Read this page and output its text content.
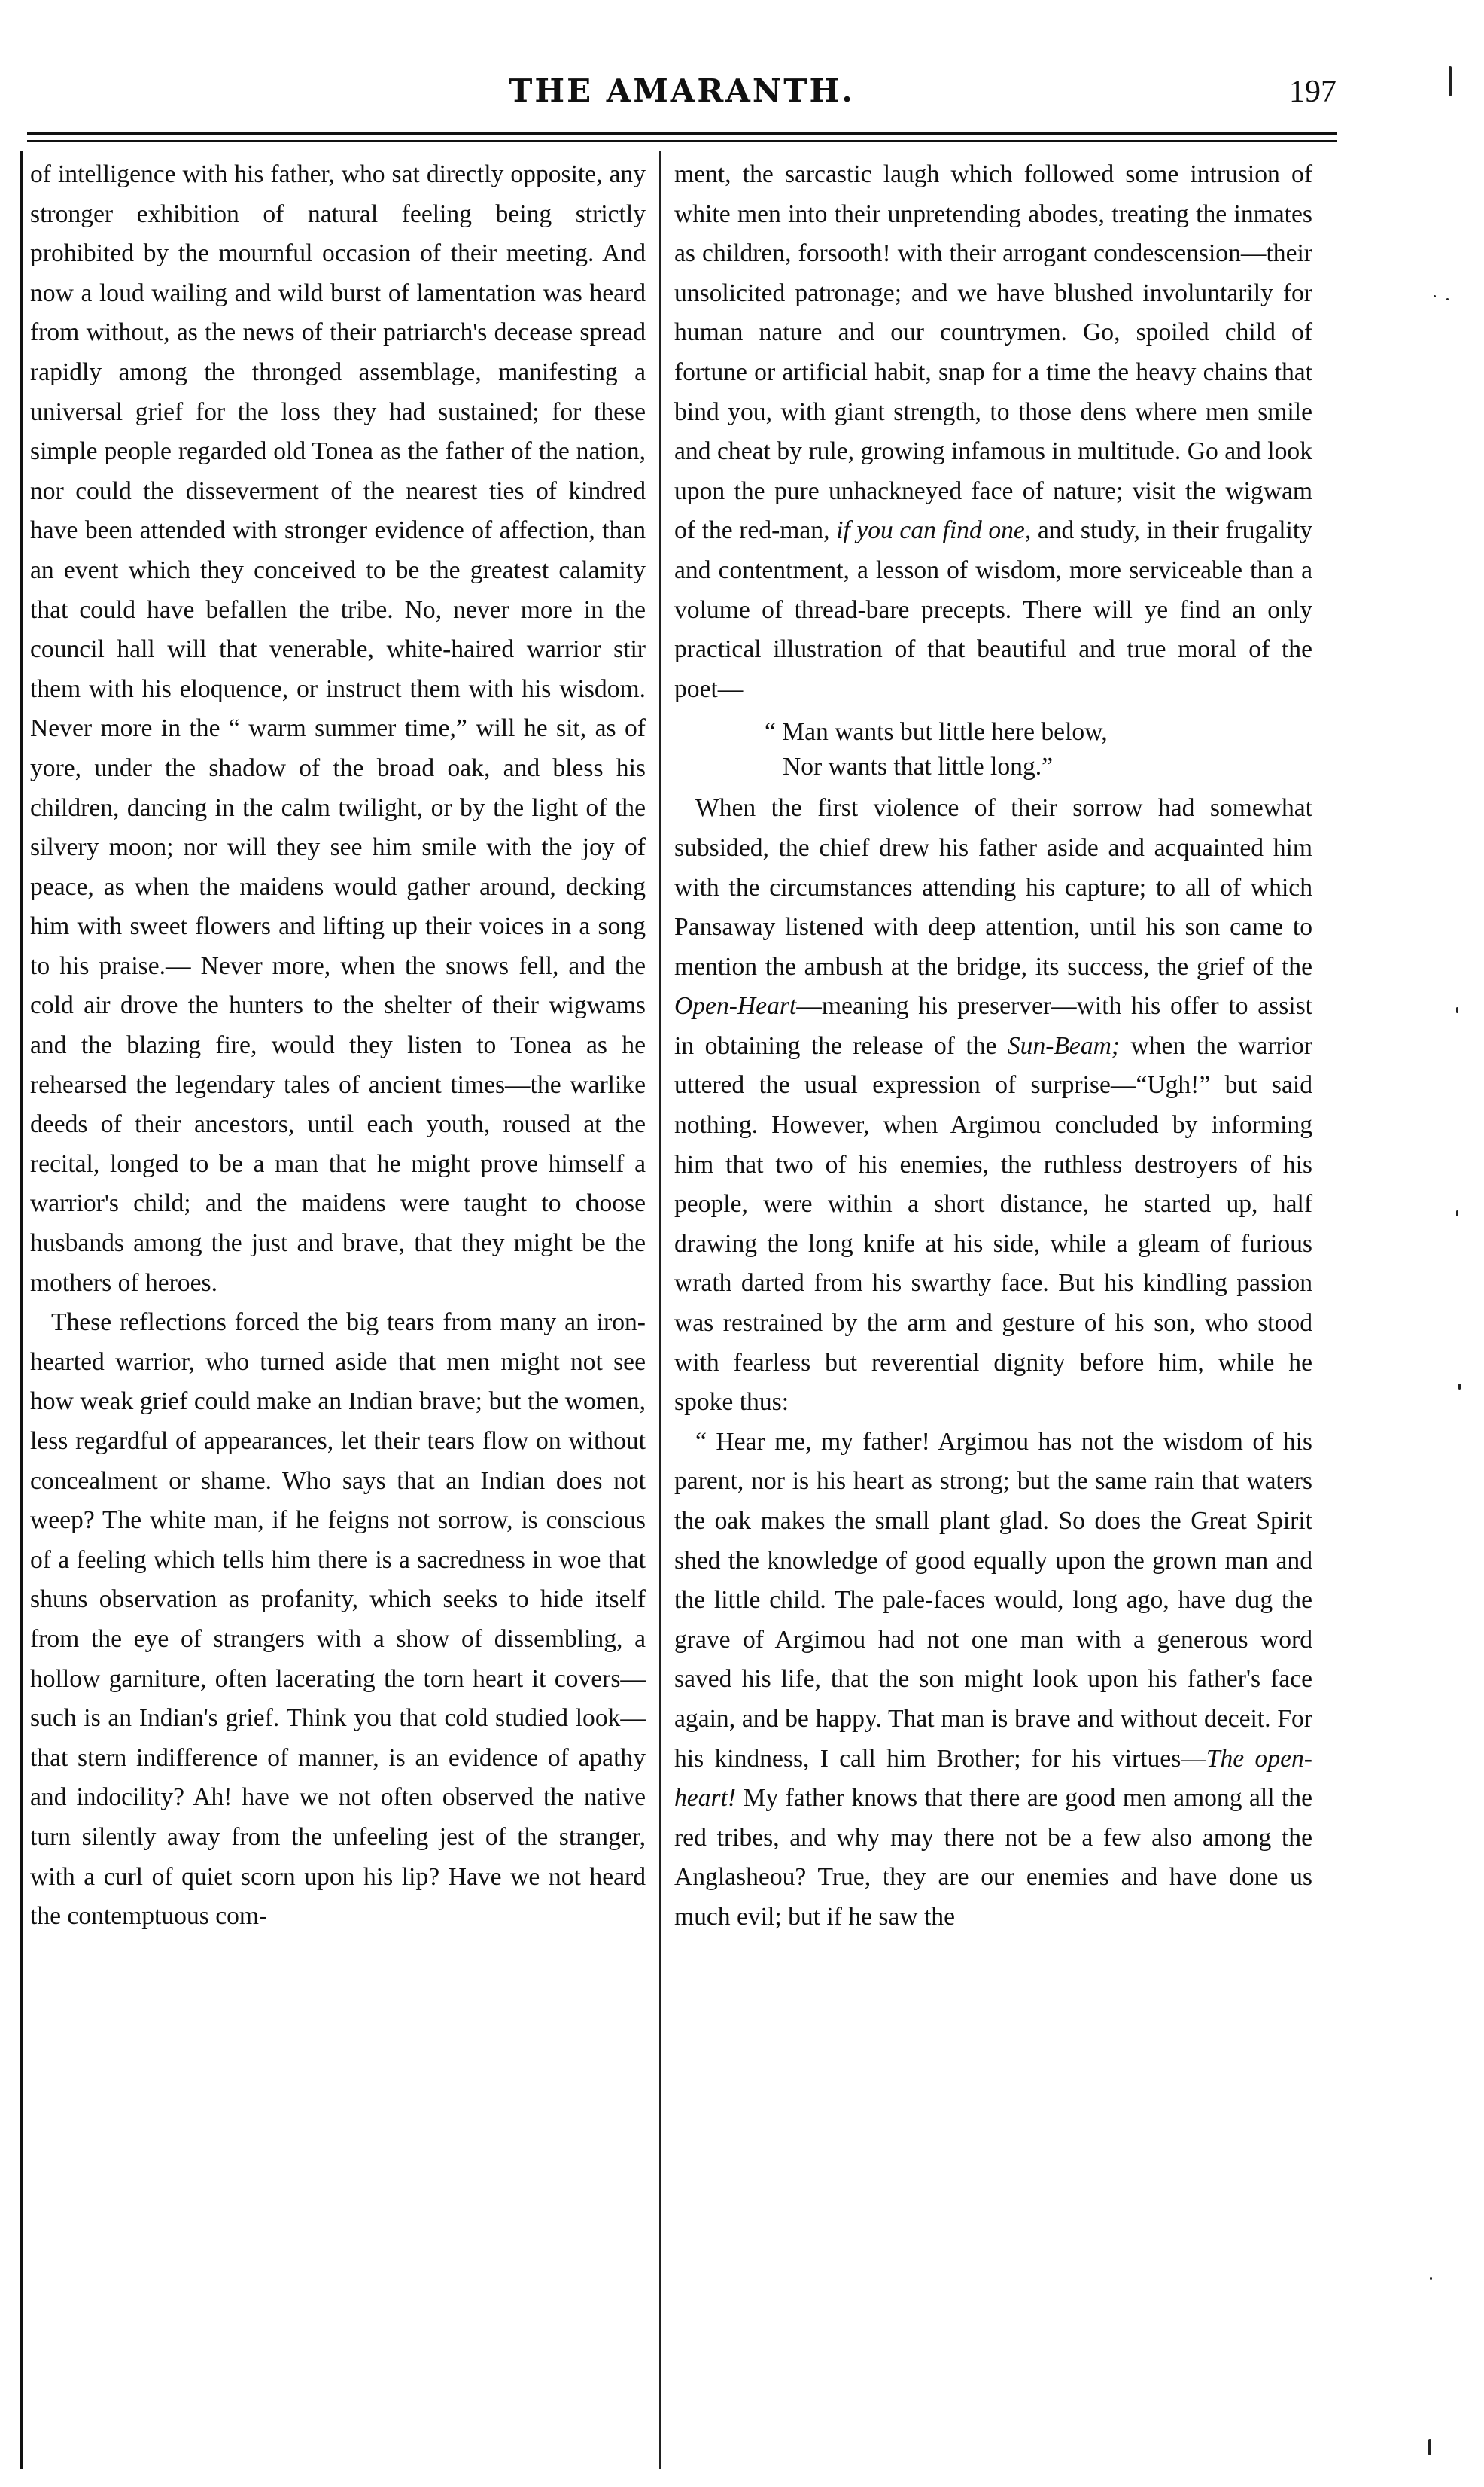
THE AMARANTH.	197

of intelligence with his father, who sat directly opposite, any stronger exhibition of natural feeling being strictly prohibited by the mournful occasion of their meeting. And now a loud wailing and wild burst of lamentation was heard from without, as the news of their patriarch's decease spread rapidly among the thronged assemblage, manifesting a universal grief for the loss they had sustained; for these simple people regarded old Tonea as the father of the nation, nor could the disseverment of the nearest ties of kindred have been attended with stronger evidence of affection, than an event which they conceived to be the greatest calamity that could have befallen the tribe. No, never more in the council hall will that venerable, white-haired warrior stir them with his eloquence, or instruct them with his wisdom. Never more in the “ warm summer time,” will he sit, as of yore, under the shadow of the broad oak, and bless his children, dancing in the calm twilight, or by the light of the silvery moon; nor will they see him smile with the joy of peace, as when the maidens would gather around, decking him with sweet flowers and lifting up their voices in a song to his praise.— Never more, when the snows fell, and the cold air drove the hunters to the shelter of their wigwams and the blazing fire, would they listen to Tonea as he rehearsed the legendary tales of ancient times—the warlike deeds of their ancestors, until each youth, roused at the recital, longed to be a man that he might prove himself a warrior's child; and the maidens were taught to choose husbands among the just and brave, that they might be the mothers of heroes.

These reflections forced the big tears from many an iron-hearted warrior, who turned aside that men might not see how weak grief could make an Indian brave; but the women, less regardful of appearances, let their tears flow on without concealment or shame. Who says that an Indian does not weep? The white man, if he feigns not sorrow, is conscious of a feeling which tells him there is a sacredness in woe that shuns observation as profanity, which seeks to hide itself from the eye of strangers with a show of dissembling, a hollow garniture, often lacerating the torn heart it covers—such is an Indian's grief. Think you that cold studied look—that stern indifference of manner, is an evidence of apathy and indocility? Ah! have we not often observed the native turn silently away from the unfeeling jest of the stranger, with a curl of quiet scorn upon his lip? Have we not heard the contemptuous com-

ment, the sarcastic laugh which followed some intrusion of white men into their unpretending abodes, treating the inmates as children, forsooth! with their arrogant condescension—their unsolicited patronage; and we have blushed involuntarily for human nature and our countrymen. Go, spoiled child of fortune or artificial habit, snap for a time the heavy chains that bind you, with giant strength, to those dens where men smile and cheat by rule, growing infamous in multitude. Go and look upon the pure unhackneyed face of nature; visit the wigwam of the red-man, if you can find one, and study, in their frugality and contentment, a lesson of wisdom, more serviceable than a volume of thread-bare precepts. There will ye find an only practical illustration of that beautiful and true moral of the poet—

“ Man wants but little here below,
Nor wants that little long.”

When the first violence of their sorrow had somewhat subsided, the chief drew his father aside and acquainted him with the circumstances attending his capture; to all of which Pansaway listened with deep attention, until his son came to mention the ambush at the bridge, its success, the grief of the Open-Heart—meaning his preserver—with his offer to assist in obtaining the release of the Sun-Beam; when the warrior uttered the usual expression of surprise—“Ugh!” but said nothing. However, when Argimou concluded by informing him that two of his enemies, the ruthless destroyers of his people, were within a short distance, he started up, half drawing the long knife at his side, while a gleam of furious wrath darted from his swarthy face. But his kindling passion was restrained by the arm and gesture of his son, who stood with fearless but reverential dignity before him, while he spoke thus:

“ Hear me, my father! Argimou has not the wisdom of his parent, nor is his heart as strong; but the same rain that waters the oak makes the small plant glad. So does the Great Spirit shed the knowledge of good equally upon the grown man and the little child. The pale-faces would, long ago, have dug the grave of Argimou had not one man with a generous word saved his life, that the son might look upon his father's face again, and be happy. That man is brave and without deceit. For his kindness, I call him Brother; for his virtues—The open-heart! My father knows that there are good men among all the red tribes, and why may there not be a few also among the Anglasheou? True, they are our enemies and have done us much evil; but if he saw the
